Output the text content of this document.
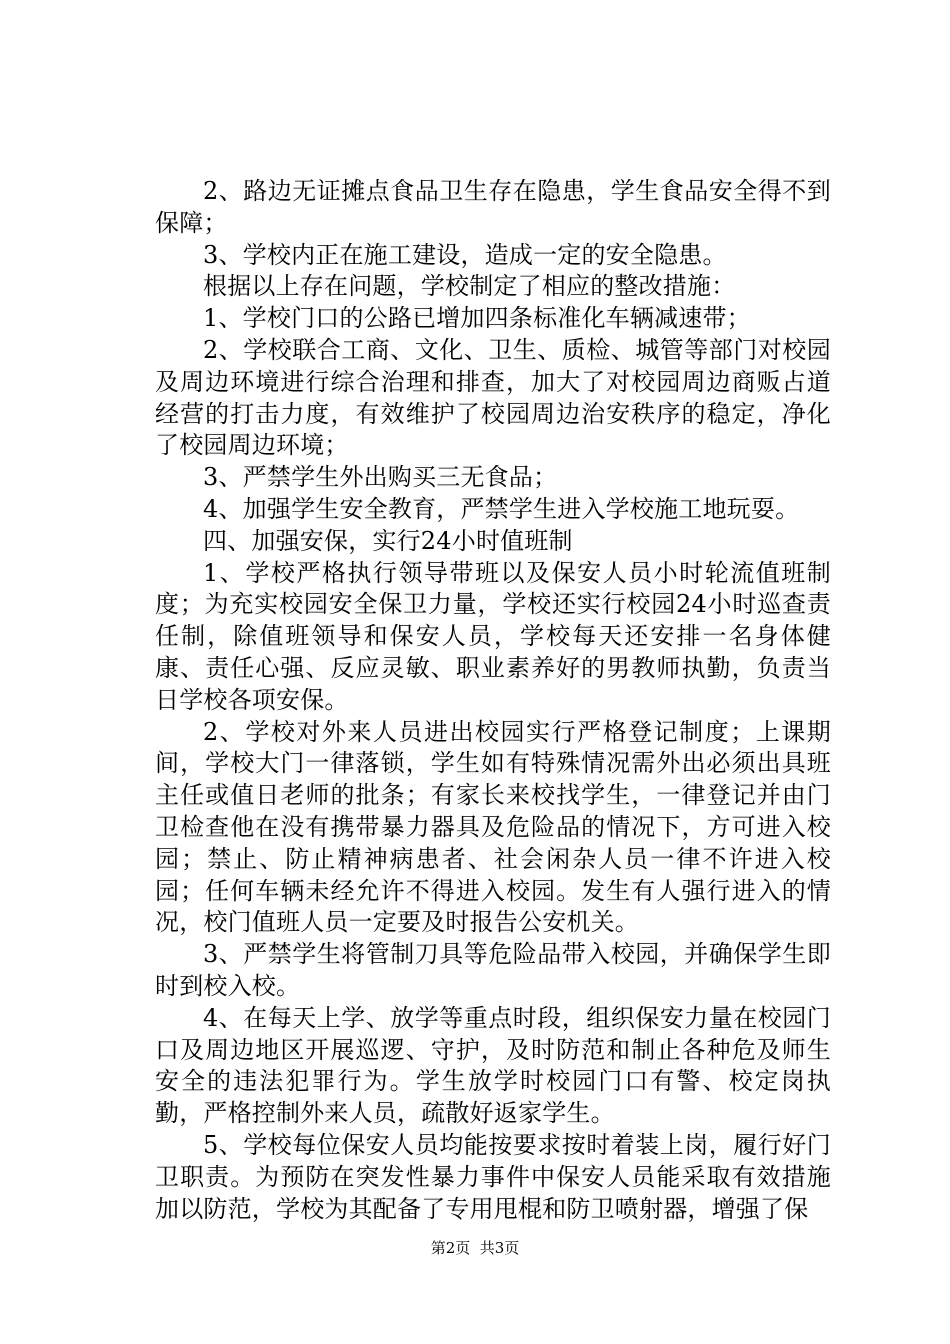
2、路边无证摊点食品卫生存在隐患，学生食品安全得不到保障；

3、学校内正在施工建设，造成一定的安全隐患。

根据以上存在问题，学校制定了相应的整改措施：

1、学校门口的公路已增加四条标准化车辆减速带；

2、学校联合工商、文化、卫生、质检、城管等部门对校园及周边环境进行综合治理和排查，加大了对校园周边商贩占道经营的打击力度，有效维护了校园周边治安秩序的稳定，净化了校园周边环境；

3、严禁学生外出购买三无食品；

4、加强学生安全教育，严禁学生进入学校施工地玩耍。

四、加强安保，实行24小时值班制

1、学校严格执行领导带班以及保安人员小时轮流值班制度；为充实校园安全保卫力量，学校还实行校园24小时巡查责任制，除值班领导和保安人员，学校每天还安排一名身体健康、责任心强、反应灵敏、职业素养好的男教师执勤，负责当日学校各项安保。

2、学校对外来人员进出校园实行严格登记制度；上课期间，学校大门一律落锁，学生如有特殊情况需外出必须出具班主任或值日老师的批条；有家长来校找学生，一律登记并由门卫检查他在没有携带暴力器具及危险品的情况下，方可进入校园；禁止、防止精神病患者、社会闲杂人员一律不许进入校园；任何车辆未经允许不得进入校园。发生有人强行进入的情况，校门值班人员一定要及时报告公安机关。

3、严禁学生将管制刀具等危险品带入校园，并确保学生即时到校入校。

4、在每天上学、放学等重点时段，组织保安力量在校园门口及周边地区开展巡逻、守护，及时防范和制止各种危及师生安全的违法犯罪行为。学生放学时校园门口有警、校定岗执勤，严格控制外来人员，疏散好返家学生。

5、学校每位保安人员均能按要求按时着装上岗，履行好门卫职责。为预防在突发性暴力事件中保安人员能采取有效措施加以防范，学校为其配备了专用甩棍和防卫喷射器，增强了保

第2页  共3页
